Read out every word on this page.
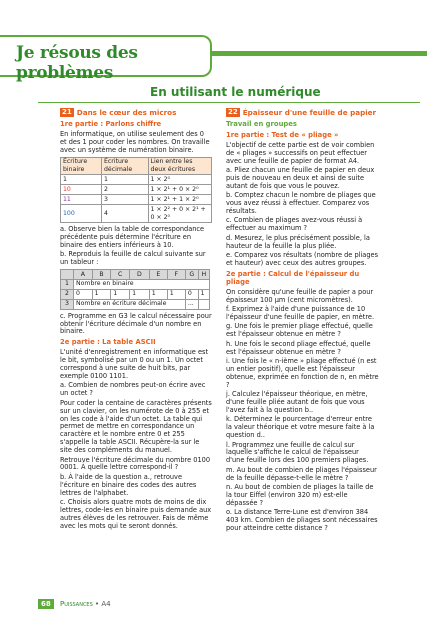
Je résous des problèmes
En utilisant le numérique
21 Dans le cœur des micros
1re partie : Parlons chiffre

En informatique, on utilise seulement des 0 et des 1 pour coder les nombres. On travaille avec un système de numération binaire.

Écriture binaire	Écriture décimale	Lien entre les deux écritures
1	1	1 × 2⁰
10	2	1 × 2¹ + 0 × 2⁰
11	3	1 × 2¹ + 1 × 2⁰
100	4	1 × 2² + 0 × 2¹ + 0 × 2⁰

a. Observe bien la table de correspondance précédente puis détermine l'écriture en binaire des entiers inférieurs à 10.

b. Reproduis la feuille de calcul suivante sur un tableur :

	A	B	C	D	E	F	G	H
1	Nombre en binaire							
2	0	1	1	1	1	1	0	1
3	Nombre en écriture décimale						...	

c. Programme en G3 le calcul nécessaire pour obtenir l'écriture décimale d'un nombre en binaire.

2e partie : La table ASCII

L'unité d'enregistrement en informatique est le bit, symbolisé par un 0 ou un 1. Un octet correspond à une suite de huit bits, par exemple 0100 1101.

a. Combien de nombres peut-on écrire avec un octet ?

Pour coder la centaine de caractères présents sur un clavier, on les numérote de 0 à 255 et on les code à l'aide d'un octet. La table qui permet de mettre en correspondance un caractère et le nombre entre 0 et 255 s'appelle la table ASCII. Récupère-la sur le site des compléments du manuel.

Retrouve l'écriture décimale du nombre 0100 0001. À quelle lettre correspond-il ?

b. À l'aide de la question a., retrouve l'écriture en binaire des codes des autres lettres de l'alphabet.

c. Choisis alors quatre mots de moins de dix lettres, code-les en binaire puis demande aux autres élèves de les retrouver. Fais de même avec les mots qui te seront donnés.

22 Épaisseur d'une feuille de papier
Travail en groupes
1re partie : Test de « pliage »

L'objectif de cette partie est de voir combien de « pliages » successifs on peut effectuer avec une feuille de papier de format A4.

a. Pliez chacun une feuille de papier en deux puis de nouveau en deux et ainsi de suite autant de fois que vous le pouvez.

b. Comptez chacun le nombre de pliages que vous avez réussi à effectuer. Comparez vos résultats.

c. Combien de pliages avez-vous réussi à effectuer au maximum ?

d. Mesurez, le plus précisément possible, la hauteur de la feuille la plus pliée.

e. Comparez vos résultats (nombre de pliages et hauteur) avec ceux des autres groupes.

2e partie : Calcul de l'épaisseur du pliage

On considère qu'une feuille de papier a pour épaisseur 100 µm (cent micromètres).

f. Exprimez à l'aide d'une puissance de 10 l'épaisseur d'une feuille de papier, en mètre.

g. Une fois le premier pliage effectué, quelle est l'épaisseur obtenue en mètre ?

h. Une fois le second pliage effectué, quelle est l'épaisseur obtenue en mètre ?

i. Une fois le « n-ième » pliage effectué (n est un entier positif), quelle est l'épaisseur obtenue, exprimée en fonction de n, en mètre ?

j. Calculez l'épaisseur théorique, en mètre, d'une feuille pliée autant de fois que vous l'avez fait à la question b..

k. Déterminez le pourcentage d'erreur entre la valeur théorique et votre mesure faite à la question d..

l. Programmez une feuille de calcul sur laquelle s'affiche le calcul de l'épaisseur d'une feuille lors des 100 premiers pliages.

m. Au bout de combien de pliages l'épaisseur de la feuille dépasse-t-elle le mètre ?

n. Au bout de combien de pliages la taille de la tour Eiffel (environ 320 m) est-elle dépassée ?

o. La distance Terre-Lune est d'environ 384 403 km. Combien de pliages sont nécessaires pour atteindre cette distance ?

68 Puissances • A4
